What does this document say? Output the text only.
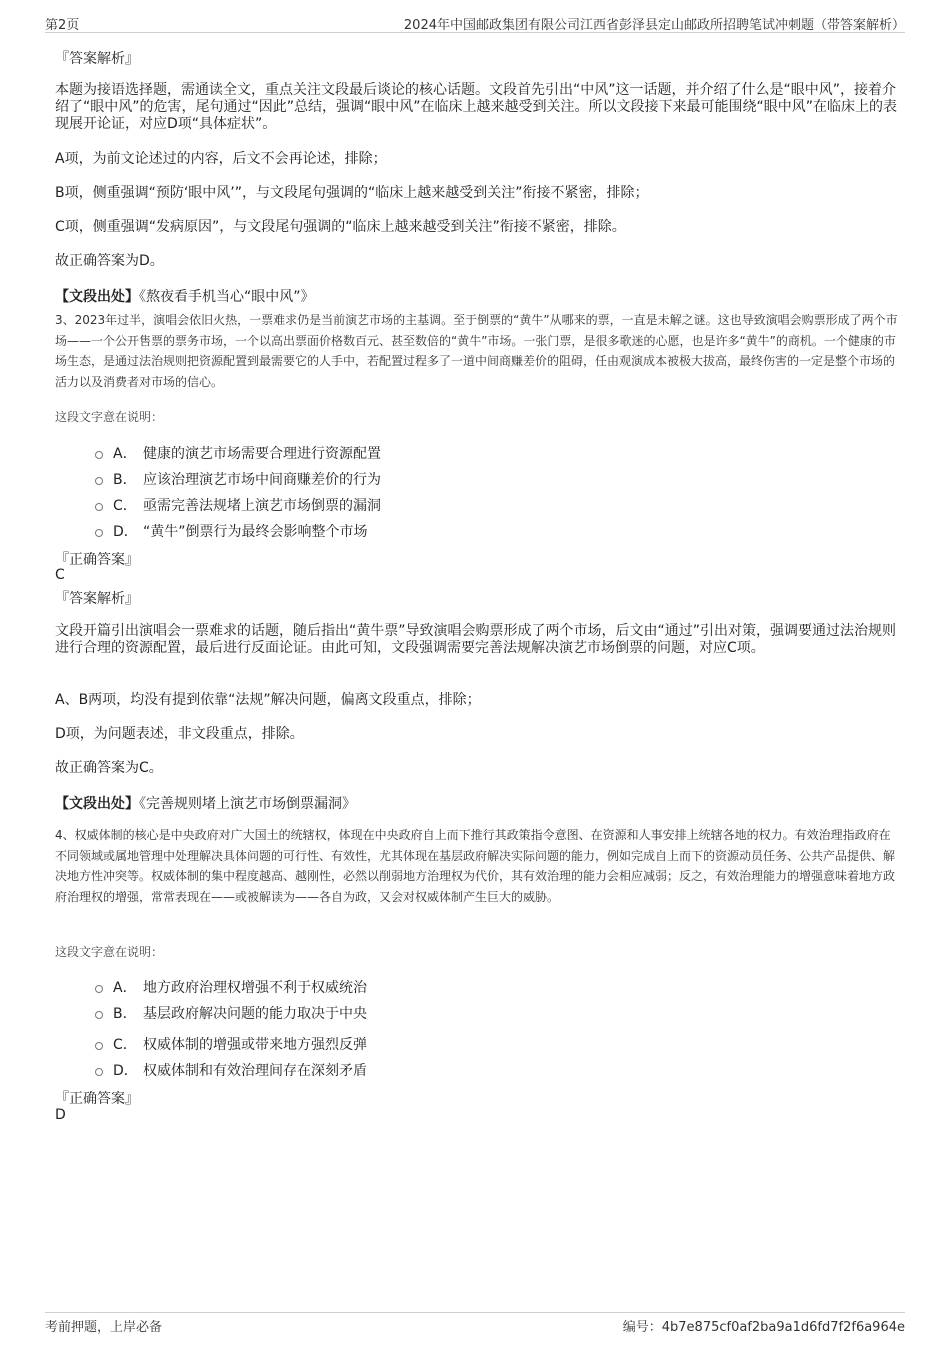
第2页	2024年中国邮政集团有限公司江西省彭泽县定山邮政所招聘笔试冲刺题（带答案解析）
『答案解析』
本题为接语选择题，需通读全文，重点关注文段最后谈论的核心话题。文段首先引出“中风”这一话题，并介绍了什么是“眼中风”，接着介绍了“眼中风”的危害，尾句通过“因此”总结，强调“眼中风”在临床上越来越受到关注。所以文段接下来最可能围绕“眼中风”在临床上的表现展开论证，对应D项“具体症状”。
A项，为前文论述过的内容，后文不会再论述，排除；
B项，侧重强调“预防‘眼中风’”，与文段尾句强调的“临床上越来越受到关注”衔接不紧密，排除；
C项，侧重强调“发病原因”，与文段尾句强调的“临床上越来越受到关注”衔接不紧密，排除。
故正确答案为D。
【文段出处】《熬夜看手机当心“眼中风”》
3、2023年过半，演唱会依旧火热，一票难求仍是当前演艺市场的主基调。至于倒票的“黄牛”从哪来的票，一直是未解之谜。这也导致演唱会购票形成了两个市场——一个公开售票的票务市场，一个以高出票面价格数百元、甚至数倍的“黄牛”市场。一张门票，是很多歌迷的心愿，也是许多“黄牛”的商机。一个健康的市场生态，是通过法治规则把资源配置到最需要它的人手中，若配置过程多了一道中间商赚差价的阻碍，任由观演成本被极大拔高，最终伤害的一定是整个市场的活力以及消费者对市场的信心。
这段文字意在说明：
A． 健康的演艺市场需要合理进行资源配置
B． 应该治理演艺市场中间商赚差价的行为
C． 亟需完善法规堵上演艺市场倒票的漏洞
D． “黄牛”倒票行为最终会影响整个市场
『正确答案』
C
『答案解析』
文段开篇引出演唱会一票难求的话题，随后指出“黄牛票”导致演唱会购票形成了两个市场，后文由“通过”引出对策，强调要通过法治规则进行合理的资源配置，最后进行反面论证。由此可知，文段强调需要完善法规解决演艺市场倒票的问题，对应C项。
A、B两项，均没有提到依靠“法规”解决问题，偏离文段重点，排除；
D项，为问题表述，非文段重点，排除。
故正确答案为C。
【文段出处】《完善规则堵上演艺市场倒票漏洞》
4、权威体制的核心是中央政府对广大国土的统辖权，体现在中央政府自上而下推行其政策指令意图、在资源和人事安排上统辖各地的权力。有效治理指政府在不同领域或属地管理中处理解决具体问题的可行性、有效性，尤其体现在基层政府解决实际问题的能力，例如完成自上而下的资源动员任务、公共产品提供、解决地方性冲突等。权威体制的集中程度越高、越刚性，必然以削弱地方治理权为代价，其有效治理的能力会相应减弱；反之，有效治理能力的增强意味着地方政府治理权的增强，常常表现在——或被解读为——各自为政，又会对权威体制产生巨大的威胁。
这段文字意在说明：
A． 地方政府治理权增强不利于权威统治
B． 基层政府解决问题的能力取决于中央
C． 权威体制的增强或带来地方强烈反弹
D． 权威体制和有效治理间存在深刻矛盾
『正确答案』
D
考前押题，上岸必备	编号：4b7e875cf0af2ba9a1d6fd7f2f6a964e
